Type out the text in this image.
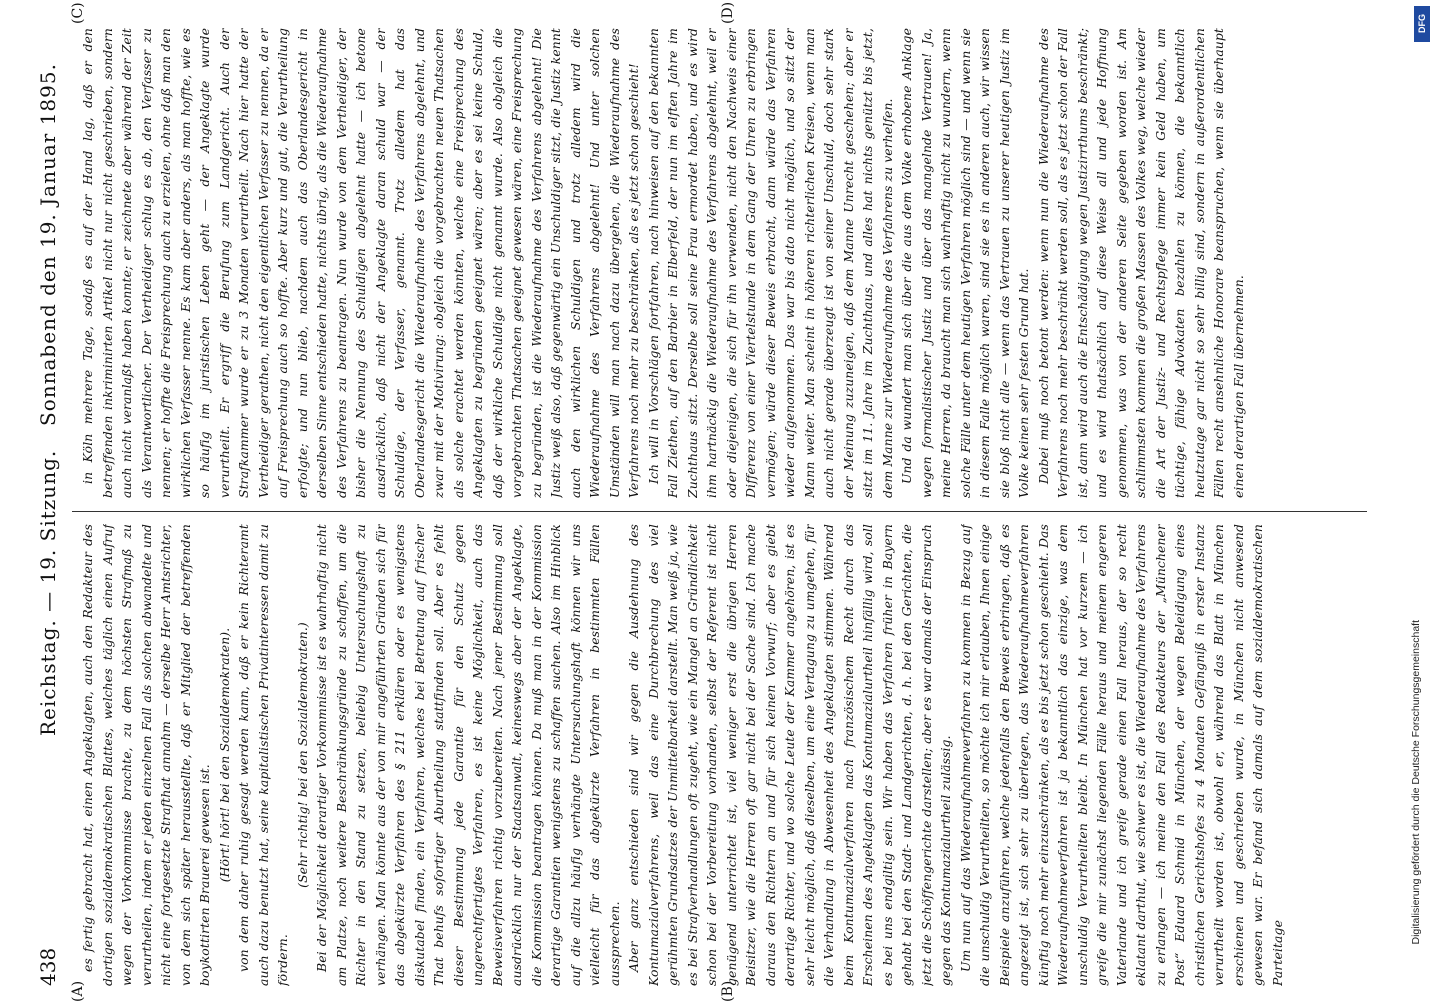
438
Reichstag. — 19. Sitzung.
Sonnabend den 19. Januar 1895.
(A)	(B)
(C)	(D)

es fertig gebracht hat, einen Angeklagten, auch den Redakteur des dortigen sozialdemokratischen Blattes, welches täglich einen Aufruf wegen der Vorkommnisse brachte, zu dem höchsten Strafmaß zu verurtheilen, indem er jeden einzelnen Fall als solchen abwandelte und nicht eine fortgesetzte Strafthat annahm — derselbe Herr Amtsrichter, von dem sich später herausstellte, daß er Mitglied der betreffenden boykottirten Brauerei gewesen ist. (Hört! hört! bei den Sozialdemokraten). von dem daher ruhig gesagt werden kann, daß er kein Richteramt auch dazu benutzt hat, seine kapitalistischen Privatinteressen damit zu fördern.

(Sehr richtig! bei den Sozialdemokraten.) Bei der Möglichkeit derartiger Vorkommnisse ist es wahrhaftig nicht am Platze, noch weitere Beschränkungsgründe zu schaffen, um die Richter in den Stand zu setzen, beliebig Untersuchungshaft zu verhängen. Man könnte aus der von mir angeführten Gründen sich für das abgekürzte Verfahren des § 211 erklären oder es wenigstens diskutabel finden, ein Verfahren, welches bei Betretung auf frischer That behufs sofortiger Aburtheilung stattfinden soll. Aber es fehlt dieser Bestimmung jede Garantie für den Schutz gegen ungerechtfertigtes Verfahren, es ist keine Möglichkeit, auch das Beweisverfahren richtig vorzubereiten. Nach jener Bestimmung soll ausdrücklich nur der Staatsanwalt, keineswegs aber der Angeklagte, die Kommission beantragen können. Da muß man in der Kommission derartige Garantien wenigstens zu schaffen suchen. Also im Hinblick auf die allzu häufig verhängte Untersuchungshaft können wir uns vielleicht für das abgekürzte Verfahren in bestimmten Fällen aussprechen. Aber ganz entschieden sind wir gegen die Ausdehnung des Kontumazialverfahrens, weil das eine Durchbrechung des viel gerühmten Grundsatzes der Unmittelbarkeit darstellt. Man weiß ja, wie es bei Strafverhandlungen oft zugeht, wie ein Mangel an Gründlichkeit schon bei der Vorbereitung vorhanden, selbst der Referent ist nicht genügend unterrichtet ist, viel weniger erst die übrigen Herren Beisitzer, wie die Herren oft gar nicht bei der Sache sind. Ich mache daraus den Richtern an und für sich keinen Vorwurf; aber es giebt derartige Richter, und wo solche Leute der Kammer angehören, ist es sehr leicht möglich, daß dieselben, um eine Vertagung zu umgehen, für die Verhandlung in Abwesenheit des Angeklagten stimmen. Während beim Kontumazialverfahren nach französischem Recht durch das Erscheinen des Angeklagten das Kontumazialurtheil hinfällig wird, soll es bei uns endgiltig sein. Wir haben das Verfahren früher in Bayern gehabt bei den Stadt- und Landgerichten, d. h. bei den Gerichten, die jetzt die Schöffengerichte darstellen; aber es war damals der Einspruch gegen das Kontumazialurtheil zulässig. Um nun auf das Wiederaufnahmeverfahren zu kommen in Bezug auf die unschuldig Verurtheilten, so möchte ich mir erlauben, Ihnen einige Beispiele anzuführen, welche jedenfalls den Beweis erbringen, daß es angezeigt ist, sich sehr zu überlegen, das Wiederaufnahmeverfahren künftig noch mehr einzuschränken, als es bis jetzt schon geschieht. Das Wiederaufnahmeverfahren ist ja bekanntlich das einzige, was dem unschuldig Verurtheilten bleibt. In München hat vor kurzem — ich greife die mir zunächst liegenden Fälle heraus und meinem engeren Vaterlande und ich greife gerade einen Fall heraus, der so recht eklatant darthut, wie schwer es ist, die Wiederaufnahme des Verfahrens zu erlangen — ich meine den Fall des Redakteurs der „Münchener Post“ Eduard Schmid in München, der wegen Beleidigung eines christlichen Gerichtshofes zu 4 Monaten Gefängniß in erster Instanz verurtheilt worden ist, obwohl er, während das Blatt in München erschienen und geschrieben wurde, in München nicht anwesend gewesen war. Er befand sich damals auf dem sozialdemokratischen Parteitage

in Köln mehrere Tage, sodaß es auf der Hand lag, daß er den betreffenden inkriminirten Artikel nicht nur nicht geschrieben, sondern auch nicht veranlaßt haben konnte; er zeichnete aber während der Zeit als Verantwortlicher. Der Vertheidiger schlug es ab, den Verfasser zu nennen; er hoffte die Freisprechung auch zu erzielen, ohne daß man den wirklichen Verfasser nenne. Es kam aber anders, als man hoffte, wie es so häufig im juristischen Leben geht — der Angeklagte wurde verurtheilt. Er ergriff die Berufung zum Landgericht. Auch der Strafkammer wurde er zu 3 Monaten verurtheilt. Nach hier hatte der Vertheidiger gerathen, nicht den eigentlichen Verfasser zu nennen, da er auf Freisprechung auch so hoffte. Aber kurz und gut, die Verurtheilung erfolgte; und nun blieb, nachdem auch das Oberlandesgericht in derselben Sinne entschieden hatte, nichts übrig, als die Wiederaufnahme des Verfahrens zu beantragen. Nun wurde von dem Vertheidiger, der bisher die Nennung des Schuldigen abgelehnt hatte — ich betone ausdrücklich, daß nicht der Angeklagte daran schuld war — der Schuldige, der Verfasser, genannt. Trotz alledem hat das Oberlandesgericht die Wiederaufnahme des Verfahrens abgelehnt, und zwar mit der Motivirung: obgleich die vorgebrachten neuen Thatsachen als solche erachtet werden könnten, welche eine Freisprechung des Angeklagten zu begründen geeignet wären; aber es sei keine Schuld, daß der wirkliche Schuldige nicht genannt wurde. Also obgleich die vorgebrachten Thatsachen geeignet gewesen wären, eine Freisprechung zu begründen, ist die Wiederaufnahme des Verfahrens abgelehnt! Die Justiz weiß also, daß gegenwärtig ein Unschuldiger sitzt, die Justiz kennt auch den wirklichen Schuldigen und trotz alledem wird die Wiederaufnahme des Verfahrens abgelehnt! Und unter solchen Umständen will man nach dazu übergehen, die Wiederaufnahme des Verfahrens noch mehr zu beschränken, als es jetzt schon geschieht! Ich will in Vorschlägen fortfahren, nach hinweisen auf den bekannten Fall Ziethen, auf den Barbier in Elberfeld, der nun im elften Jahre im Zuchthaus sitzt. Derselbe soll seine Frau ermordet haben, und es wird ihm hartnäckig die Wiederaufnahme des Verfahrens abgelehnt, weil er oder diejenigen, die sich für ihn verwenden, nicht den Nachweis einer Differenz von einer Viertelstunde in dem Gang der Uhren zu erbringen vermögen; würde dieser Beweis erbracht, dann würde das Verfahren wieder aufgenommen. Das war bis dato nicht möglich, und so sitzt der Mann weiter. Man scheint in höheren richterlichen Kreisen, wenn man auch nicht gerade überzeugt ist von seiner Unschuld, doch sehr stark der Meinung zuzuneigen, daß dem Manne Unrecht geschehen; aber er sitzt im 11. Jahre im Zuchthaus, und alles hat nichts genützt bis jetzt, dem Manne zur Wiederaufnahme des Verfahrens zu verhelfen. Und da wundert man sich über die aus dem Volke erhobene Anklage wegen formalistischer Justiz und über das mangelnde Vertrauen! Ja, meine Herren, da braucht man sich wahrhaftig nicht zu wundern, wenn solche Fälle unter dem heutigen Verfahren möglich sind — und wenn sie in diesem Falle möglich waren, sind sie es in anderen auch, wir wissen sie bloß nicht alle — wenn das Vertrauen zu unserer heutigen Justiz im Volke keinen sehr festen Grund hat. Dabei muß noch betont werden: wenn nun die Wiederaufnahme des Verfahrens noch mehr beschränkt werden soll, als es jetzt schon der Fall ist, dann wird auch die Entschädigung wegen Justizirrthums beschränkt; und es wird thatsächlich auf diese Weise all und jede Hoffnung genommen, was von der anderen Seite gegeben worden ist. Am schlimmsten kommen die großen Massen des Volkes weg, welche wieder die Art der Justiz- und Rechtspflege immer kein Geld haben, um tüchtige, fähige Advokaten bezahlen zu können, die bekanntlich heutzutage gar nicht so sehr billig sind, sondern in außerordentlichen Fällen recht ansehnliche Honorare beanspruchen, wenn sie überhaupt einen derartigen Fall übernehmen.

DFG
Digitalisierung gefördert durch die Deutsche Forschungsgemeinschaft
